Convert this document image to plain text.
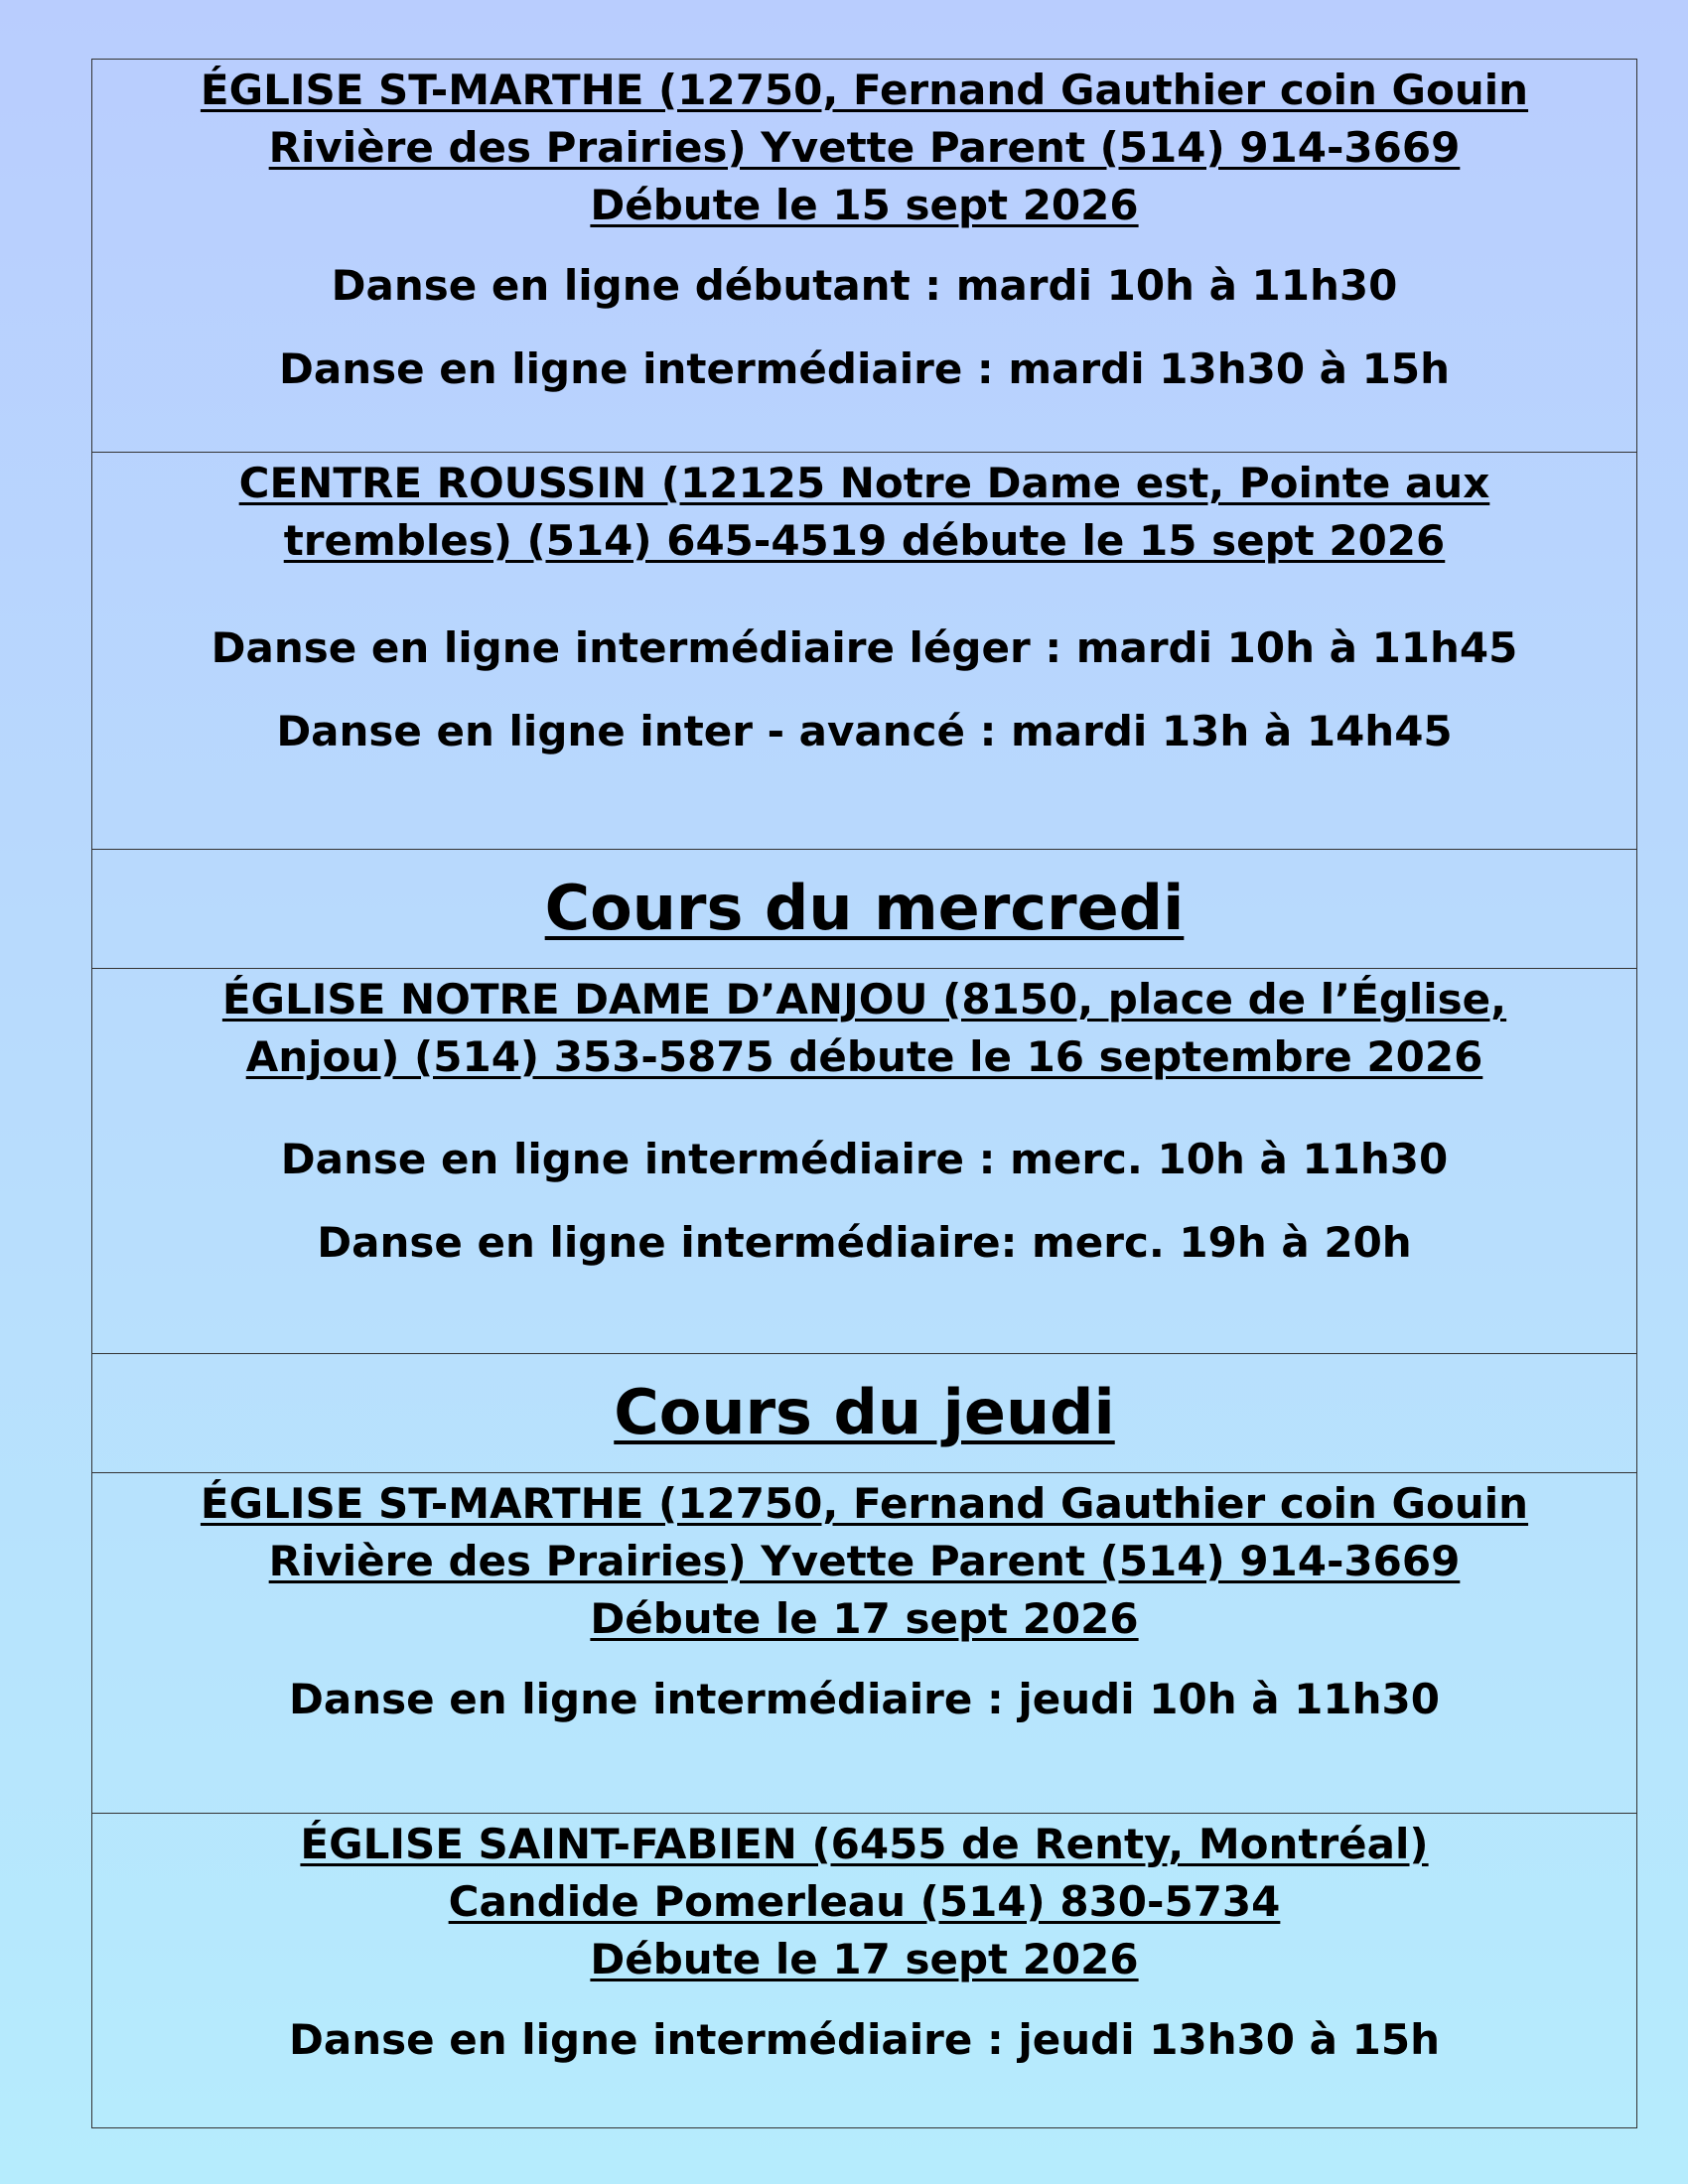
ÉGLISE ST-MARTHE (12750, Fernand Gauthier coin Gouin
Rivière des Prairies) Yvette Parent (514) 914-3669
Débute le 15 sept 2026

Danse en ligne débutant : mardi 10h à 11h30

Danse en ligne intermédiaire : mardi 13h30 à 15h

CENTRE ROUSSIN (12125 Notre Dame est, Pointe aux
trembles) (514) 645-4519 débute le 15 sept 2026

Danse en ligne intermédiaire léger : mardi 10h à 11h45

Danse en ligne inter - avancé : mardi 13h à 14h45

Cours du mercredi

ÉGLISE NOTRE DAME D’ANJOU (8150, place de l’Église,
Anjou) (514) 353-5875 débute le 16 septembre 2026

Danse en ligne intermédiaire : merc. 10h à 11h30

Danse en ligne intermédiaire: merc. 19h à 20h

Cours du jeudi

ÉGLISE ST-MARTHE (12750, Fernand Gauthier coin Gouin
Rivière des Prairies) Yvette Parent (514) 914-3669
Débute le 17 sept 2026

Danse en ligne intermédiaire : jeudi 10h à 11h30

ÉGLISE SAINT-FABIEN (6455 de Renty, Montréal)
Candide Pomerleau (514) 830-5734
Débute le 17 sept 2026

Danse en ligne intermédiaire : jeudi 13h30 à 15h
